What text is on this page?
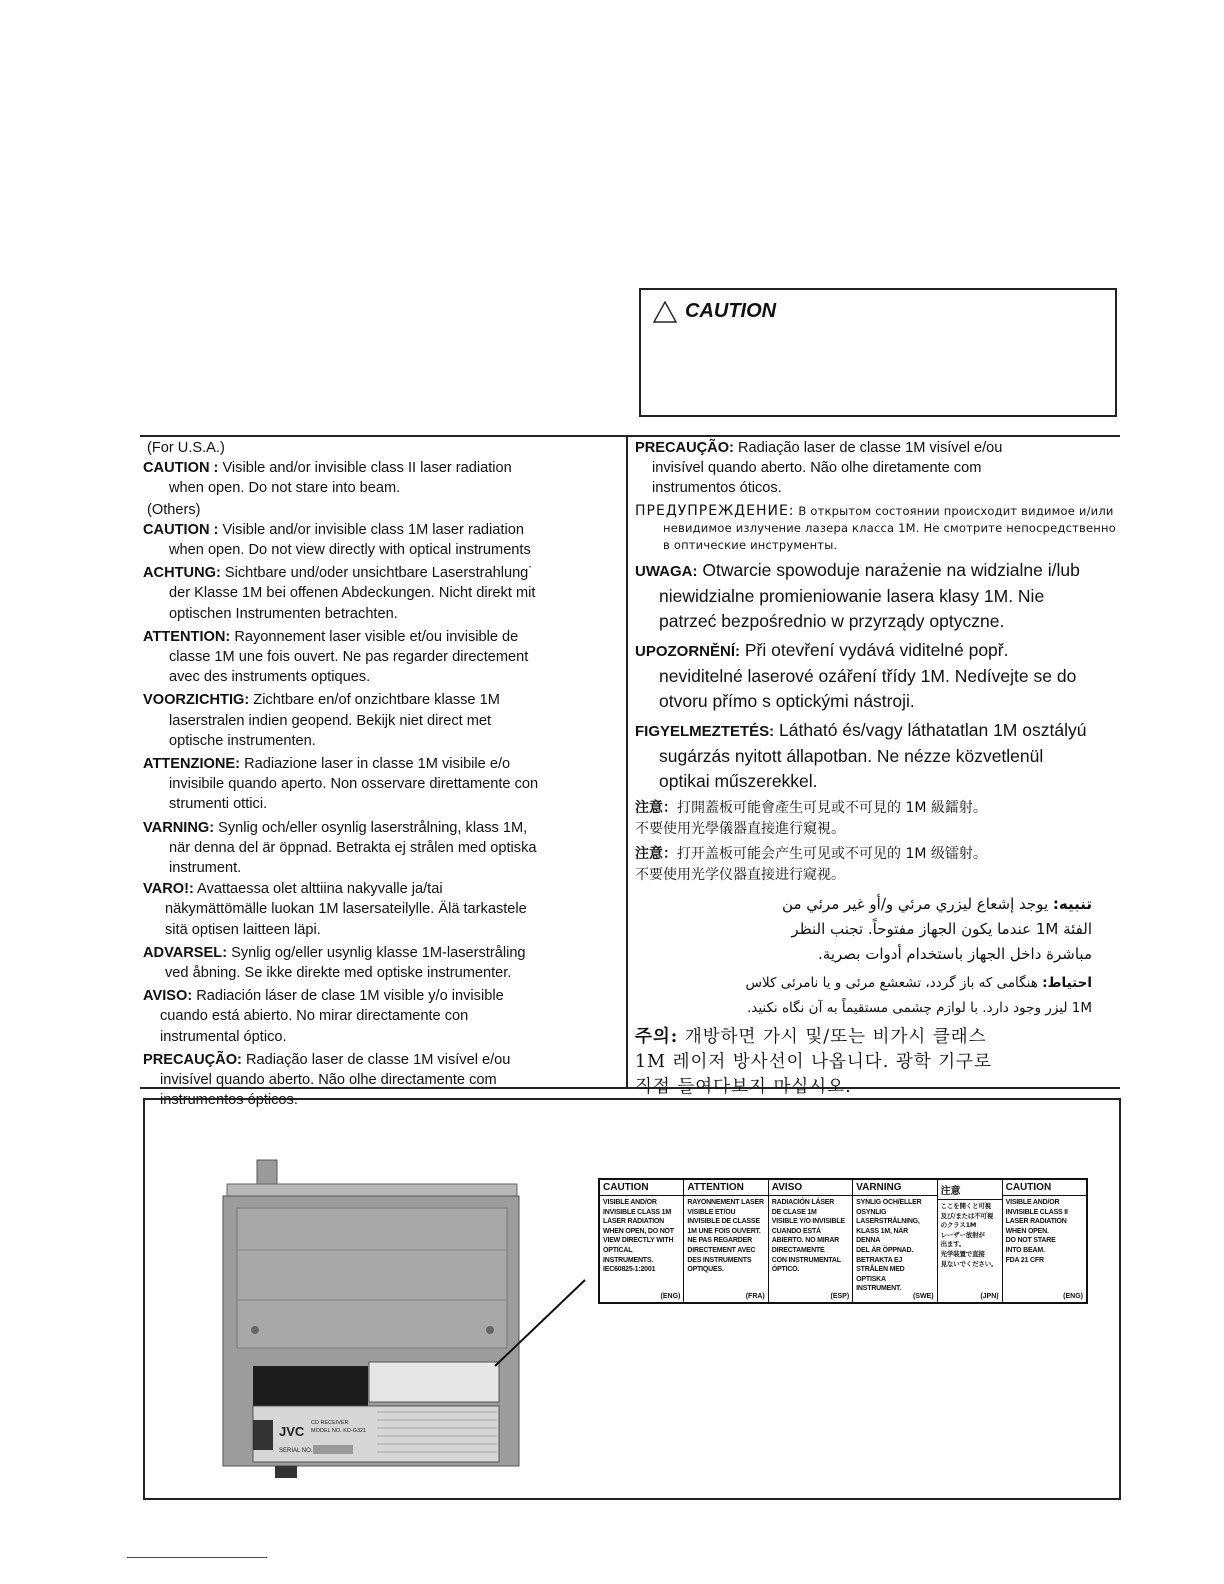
CAUTION
(For U.S.A.)
CAUTION : Visible and/or invisible class II laser radiation
when open. Do not stare into beam.
(Others)
CAUTION : Visible and/or invisible class 1M laser radiation
when open. Do not view directly with optical instruments
ACHTUNG: Sichtbare und/oder unsichtbare Laserstrahlung˙
der Klasse 1M bei offenen Abdeckungen. Nicht direkt mit
optischen Instrumenten betrachten.
ATTENTION: Rayonnement laser visible et/ou invisible de
classe 1M une fois ouvert. Ne pas regarder directement
avec des instruments optiques.
VOORZICHTIG: Zichtbare en/of onzichtbare klasse 1M
laserstralen indien geopend. Bekijk niet direct met
optische instrumenten.
ATTENZIONE: Radiazione laser in classe 1M visibile e/o
invisibile quando aperto. Non osservare direttamente con
strumenti ottici.
VARNING: Synlig och/eller osynlig laserstrålning, klass 1M,
när denna del är öppnad. Betrakta ej strålen med optiska
instrument.
VARO!: Avattaessa olet alttiina nakyvalle ja/tai
näkymättömälle luokan 1M lasersateilylle. Älä tarkastele
sitä optisen laitteen läpi.
ADVARSEL: Synlig og/eller usynlig klasse 1M-laserstråling
ved åbning. Se ikke direkte med optiske instrumenter.
AVISO: Radiación láser de clase 1M visible y/o invisible
cuando está abierto. No mirar directamente con
instrumental óptico.
PRECAUÇÃO: Radiação laser de classe 1M visível e/ou
invisível quando aberto. Não olhe directamente com
instrumentos ópticos.
PRECAUÇÃO: Radiação laser de classe 1M visível e/ou
invisível quando aberto. Não olhe diretamente com
instrumentos óticos.
ПРЕДУПРЕЖДЕНИЕ: В открытом состоянии происходит видимое и/или
невидимое излучение лазера класса 1M. Не смотрите непосредственно
в оптические инструменты.
UWAGA: Otwarcie spowoduje narażenie na widzialne i/lub
niewidzialne promieniowanie lasera klasy 1M. Nie
patrzeć bezpośrednio w przyrządy optyczne.
UPOZORNĚNÍ: Při otevření vydává viditelné popř.
neviditelné laserové ozáření třídy 1M. Nedívejte se do
otvoru přímo s optickými nástroji.
FIGYELMEZTETÉS: Látható és/vagy láthatatlan 1M osztályú
sugárzás nyitott állapotban. Ne nézze közvetlenül
optikai műszerekkel.
注意：打開蓋板可能會產生可見或不可見的 1M 級鐳射。
不要使用光學儀器直接進行窺視。
注意：打开盖板可能会产生可见或不可见的 1M 级镭射。
不要使用光学仪器直接进行窥视。
تنبيه: يوجد إشعاع ليزري مرئي و/أو غير مرئي من
الفئة 1M عندما يكون الجهاز مفتوحاً. تجنب النظر
مباشرة داخل الجهاز باستخدام أدوات بصرية.
احتیاط: هنگامی که باز گردد، تشعشع مرئی و یا نامرئی کلاس
1M لیزر وجود دارد. با لوازم چشمی مستقیماً به آن نگاه نکنید.
주의: 개방하면 가시 및/또는 비가시 클래스
1M 레이저 방사선이 나옵니다. 광학 기구로
직접 들여다보지 마십시오.
JVC
CD RECEIVER
MODEL NO. KD-G321
SERIAL NO.
CAUTION
VISIBLE AND/OR
INVISIBLE CLASS 1M
LASER RADIATION
WHEN OPEN, DO NOT
VIEW DIRECTLY WITH
OPTICAL INSTRUMENTS.
IEC60825-1:2001
(ENG)
ATTENTION
RAYONNEMENT LASER
VISIBLE ET/OU
INVISIBLE DE CLASSE
1M UNE FOIS OUVERT.
NE PAS REGARDER
DIRECTEMENT AVEC
DES INSTRUMENTS
OPTIQUES.
(FRA)
AVISO
RADIACIÓN LÁSER
DE CLASE 1M
VISIBLE Y/O INVISIBLE
CUANDO ESTÁ
ABIERTO. NO MIRAR
DIRECTAMENTE
CON INSTRUMENTAL
ÓPTICO.
(ESP)
VARNING
SYNLIG OCH/ELLER
OSYNLIG
LASERSTRÅLNING,
KLASS 1M, NÄR DENNA
DEL ÄR ÖPPNAD.
BETRAKTA EJ
STRÅLEN MED OPTISKA
INSTRUMENT.
(SWE)
注意
ここを開くと可視
及び/または不可視
のクラス1M
レーザー放射が
出ます。
光学装置で直接
見ないでください。
(JPN)
CAUTION
VISIBLE AND/OR
INVISIBLE CLASS II
LASER RADIATION
WHEN OPEN.
DO NOT STARE
INTO BEAM.
FDA 21 CFR
(ENG)
